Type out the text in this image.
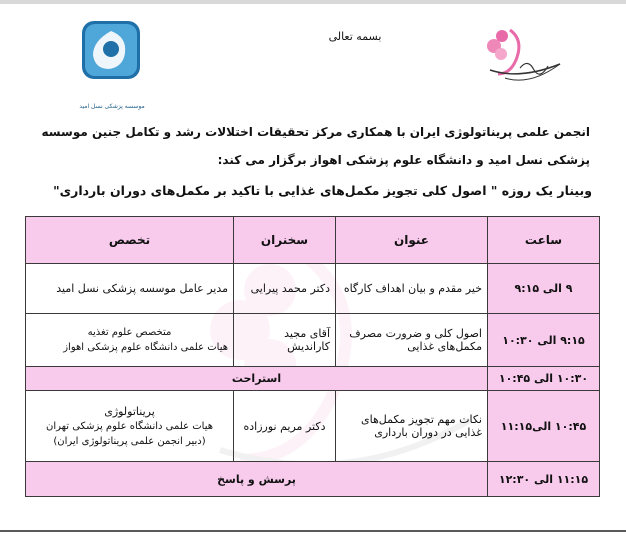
بسمه تعالی
موسسه پزشکی نسل امید
انجمن علمی پریناتولوژی ایران با همکاری مرکز تحقیقات اختلالات رشد و تکامل جنین موسسه
پزشکی نسل امید و دانشگاه علوم پزشکی اهواز برگزار می کند:
وبینار یک روزه " اصول کلی تجویز مکمل‌های غذایی با تاکید بر مکمل‌های دوران بارداری"
ساعت	عنوان	سخنران	تخصص
۹ الی ۹:۱۵	خیر مقدم و بیان اهداف کارگاه	دکتر محمد پیرایی	مدیر عامل موسسه پزشکی نسل امید
۹:۱۵ الی ۱۰:۳۰	اصول کلی و ضرورت مصرف مکمل‌های غذایی	آقای مجید کاراندیش	متخصص علوم تغذیه
هیات علمی دانشگاه علوم پزشکی اهواز

۱۰:۳۰ الی ۱۰:۴۵	استراحت		
۱۰:۴۵ الی۱۱:۱۵	نکات مهم تجویز مکمل‌های غذایی در دوران بارداری	دکتر مریم نورزاده	پریناتولوژی
هیات علمی دانشگاه علوم پزشکی تهران
(دبیر انجمن علمی پریناتولوژی ایران)

۱۱:۱۵ الی ۱۲:۳۰	پرسش و پاسخ		
